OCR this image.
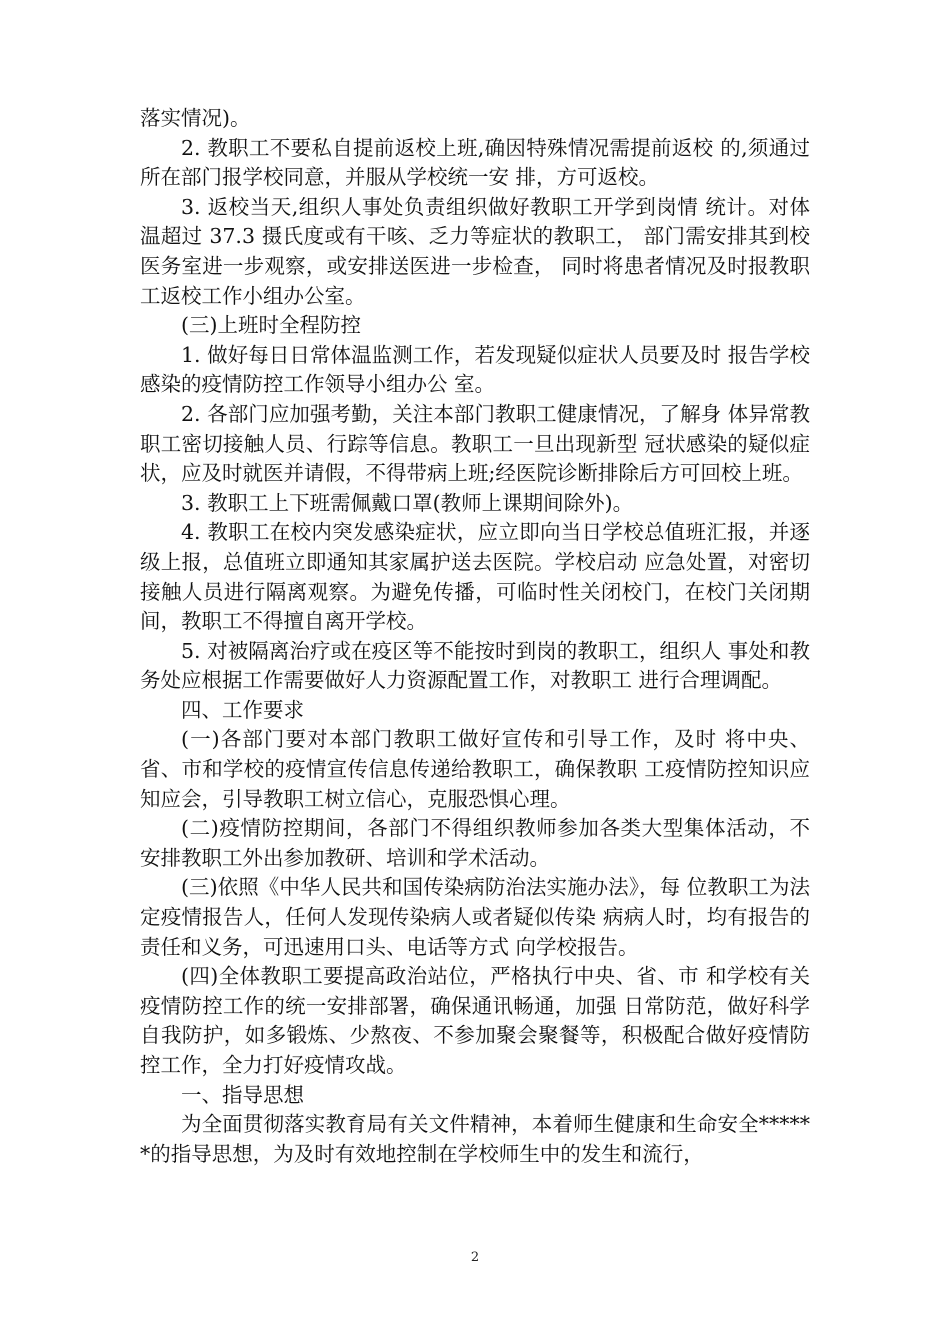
落实情况)。

2. 教职工不要私自提前返校上班,确因特殊情况需提前返校 的,须通过所在部门报学校同意，并服从学校统一安 排，方可返校。

3. 返校当天,组织人事处负责组织做好教职工开学到岗情 统计。对体温超过 37.3 摄氏度或有干咳、乏力等症状的教职工， 部门需安排其到校医务室进一步观察，或安排送医进一步检查， 同时将患者情况及时报教职工返校工作小组办公室。

(三)上班时全程防控

1. 做好每日日常体温监测工作，若发现疑似症状人员要及时 报告学校感染的疫情防控工作领导小组办公 室。

2. 各部门应加强考勤，关注本部门教职工健康情况，了解身 体异常教职工密切接触人员、行踪等信息。教职工一旦出现新型 冠状感染的疑似症状，应及时就医并请假，不得带病上班;经医院诊断排除后方可回校上班。

3. 教职工上下班需佩戴口罩(教师上课期间除外)。

4. 教职工在校内突发感染症状，应立即向当日学校总值班汇报，并逐级上报，总值班立即通知其家属护送去医院。学校启动 应急处置，对密切接触人员进行隔离观察。为避免传播，可临时性关闭校门，在校门关闭期间，教职工不得擅自离开学校。

5. 对被隔离治疗或在疫区等不能按时到岗的教职工，组织人 事处和教务处应根据工作需要做好人力资源配置工作，对教职工 进行合理调配。

四、工作要求

(一)各部门要对本部门教职工做好宣传和引导工作，及时 将中央、省、市和学校的疫情宣传信息传递给教职工，确保教职 工疫情防控知识应知应会，引导教职工树立信心，克服恐惧心理。

(二)疫情防控期间，各部门不得组织教师参加各类大型集体活动，不安排教职工外出参加教研、培训和学术活动。

(三)依照《中华人民共和国传染病防治法实施办法》，每 位教职工为法定疫情报告人，任何人发现传染病人或者疑似传染 病病人时，均有报告的责任和义务，可迅速用口头、电话等方式 向学校报告。

(四)全体教职工要提高政治站位，严格执行中央、省、市 和学校有关疫情防控工作的统一安排部署，确保通讯畅通，加强 日常防范，做好科学自我防护，如多锻炼、少熬夜、不参加聚会聚餐等，积极配合做好疫情防控工作，全力打好疫情攻战。

一、指导思想

为全面贯彻落实教育局有关文件精神，本着师生健康和生命安全******的指导思想，为及时有效地控制在学校师生中的发生和流行，

2
